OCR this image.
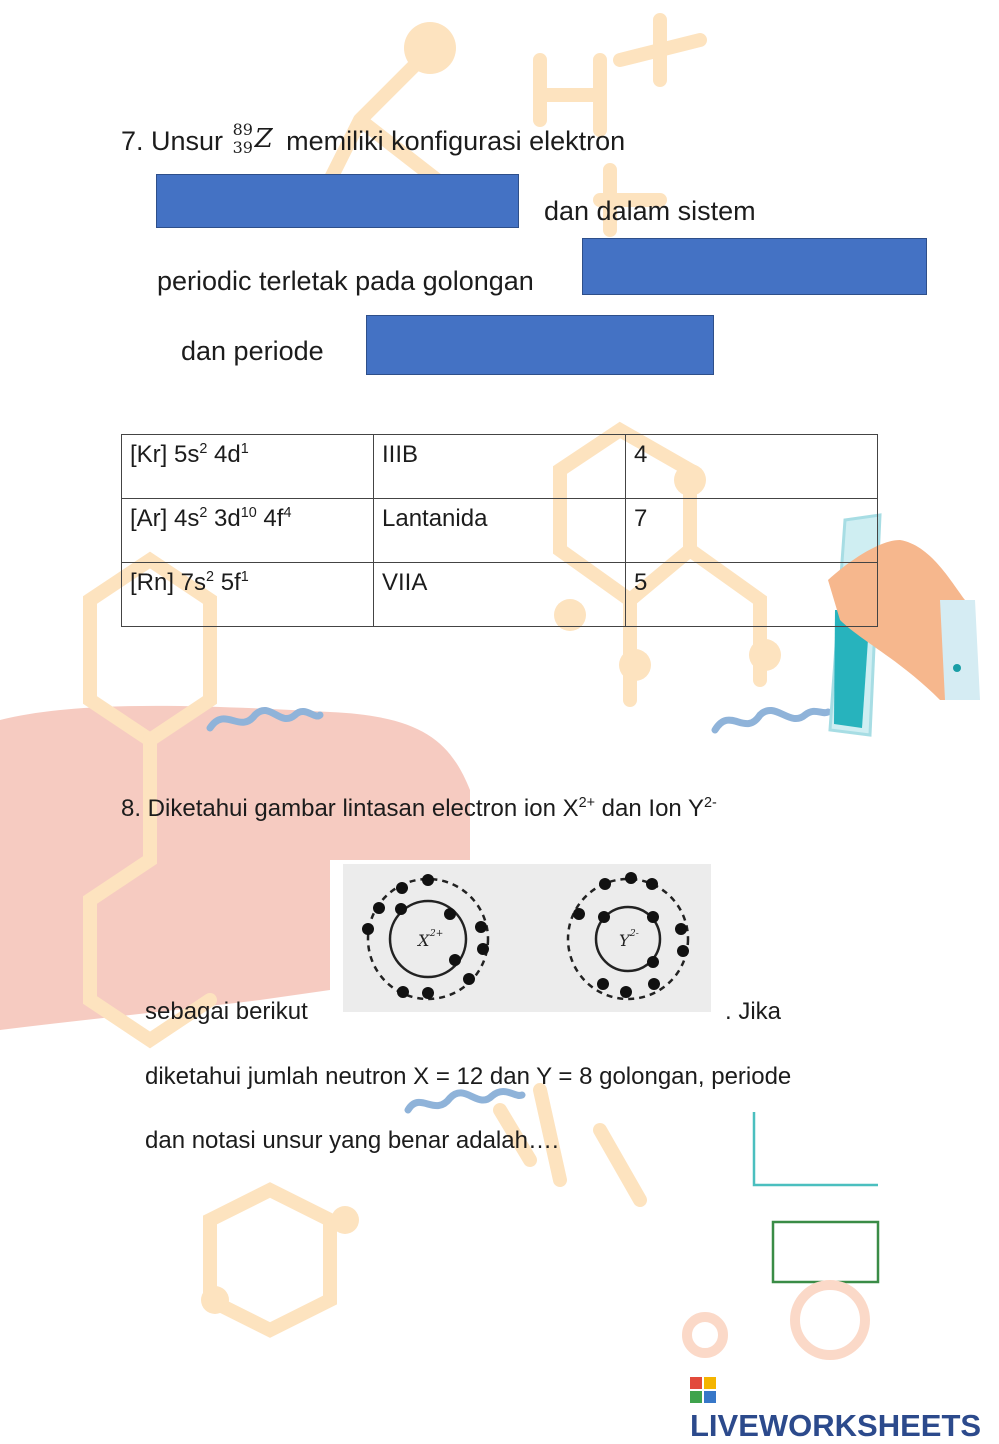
7. Unsur 89
39 Z memiliki konfigurasi elektron
dan dalam sistem
periodic terletak pada golongan
dan periode
[Kr] $5s^2$ $4d^1$	IIIB	4
[Ar] $4s^2$ $3d^{10}$ $4f^4$	Lantanida	7
[Rn] $7s^2$ $5f^1$	VIIA	5
8. Diketahui gambar lintasan electron ion $X^{2+}$ dan Ion $Y^{2-}$
X 2+	Y 2-
sebagai berikut	. Jika
diketahui jumlah neutron X = 12 dan Y = 8 golongan, periode
dan notasi unsur yang benar adalah….
LIVEWORKSHEETS
